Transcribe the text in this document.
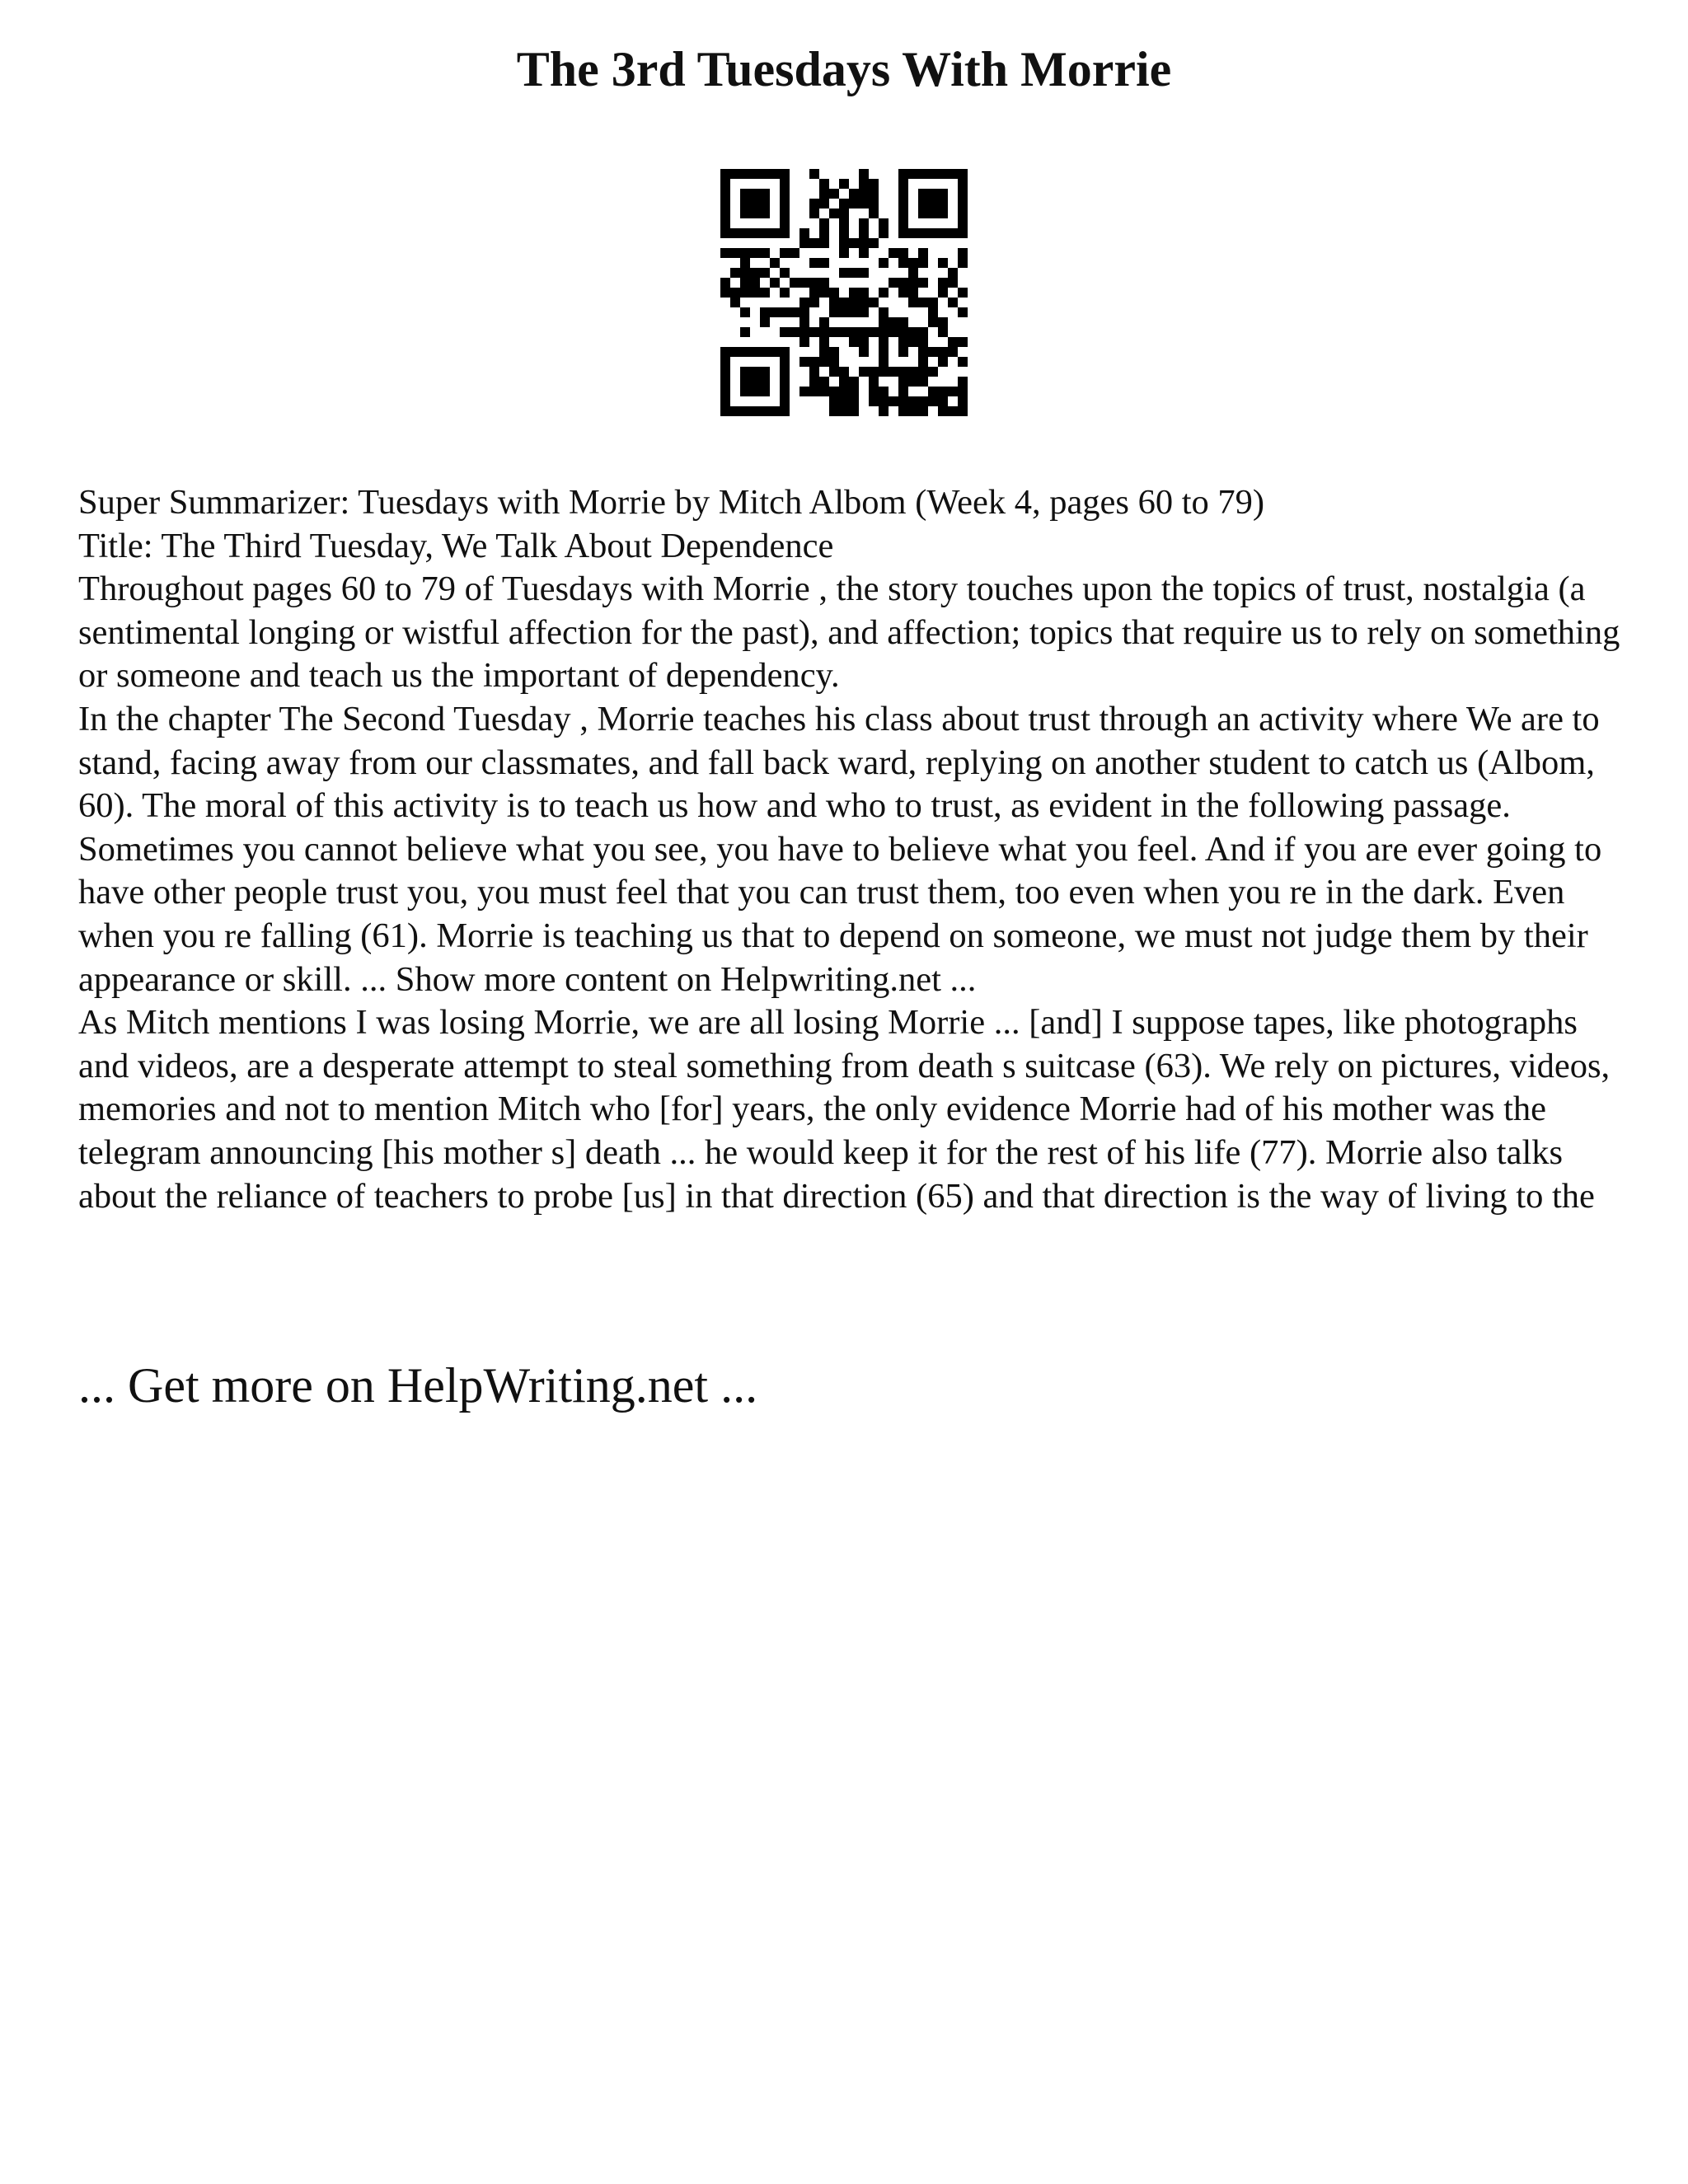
The 3rd Tuesdays With Morrie

Super Summarizer: Tuesdays with Morrie by Mitch Albom (Week 4, pages 60 to 79)

Title: The Third Tuesday, We Talk About Dependence

Throughout pages 60 to 79 of Tuesdays with Morrie , the story touches upon the topics of trust, nostalgia (a sentimental longing or wistful affection for the past), and affection; topics that require us to rely on something or someone and teach us the important of dependency.

In the chapter The Second Tuesday , Morrie teaches his class about trust through an activity where We are to stand, facing away from our classmates, and fall back ward, replying on another student to catch us (Albom, 60). The moral of this activity is to teach us how and who to trust, as evident in the following passage. Sometimes you cannot believe what you see, you have to believe what you feel. And if you are ever going to have other people trust you, you must feel that you can trust them, too even when you re in the dark. Even when you re falling (61). Morrie is teaching us that to depend on someone, we must not judge them by their appearance or skill. ... Show more content on Helpwriting.net ...

As Mitch mentions I was losing Morrie, we are all losing Morrie ... [and] I suppose tapes, like photographs and videos, are a desperate attempt to steal something from death s suitcase (63). We rely on pictures, videos, memories and not to mention Mitch who [for] years, the only evidence Morrie had of his mother was the telegram announcing [his mother s] death ... he would keep it for the rest of his life (77). Morrie also talks about the reliance of teachers to probe [us] in that direction (65) and that direction is the way of living to the

... Get more on HelpWriting.net ...
